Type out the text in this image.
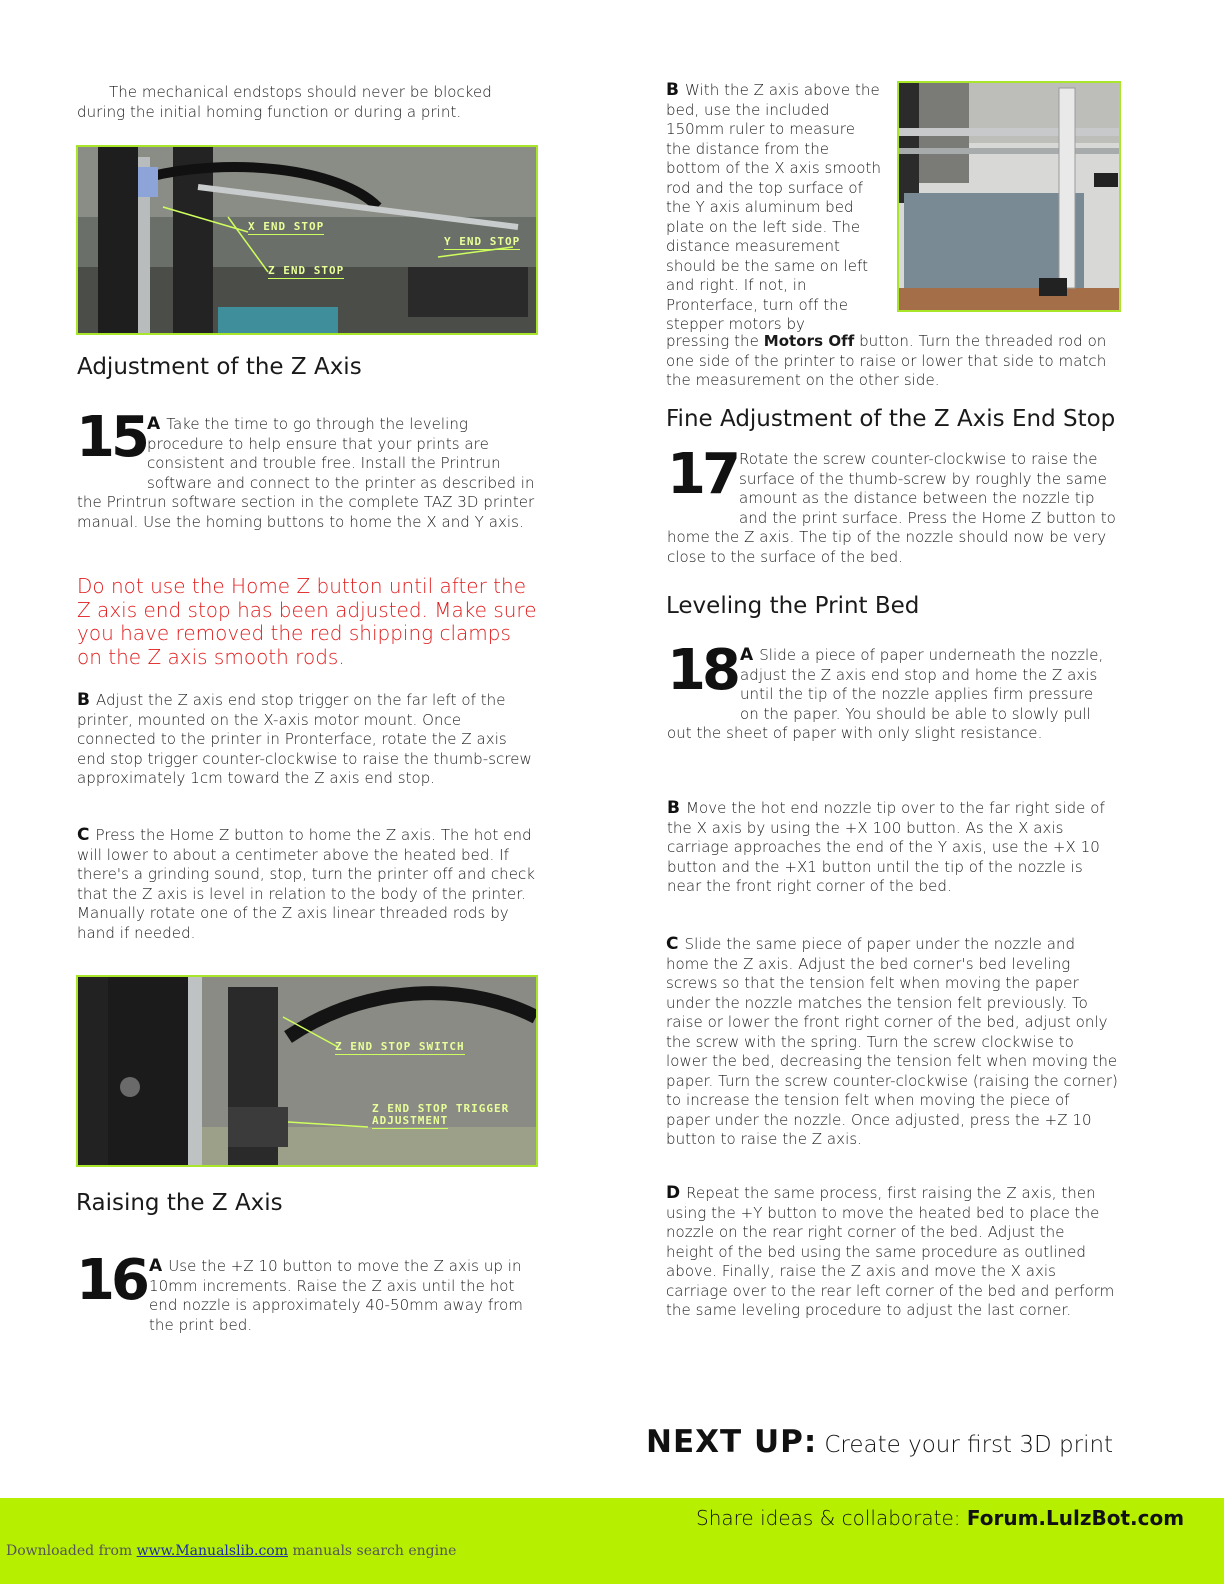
The mechanical endstops should never be blocked during the initial homing function or during a print.

X END STOP
Y END STOP
Z END STOP
Adjustment of the Z Axis
15 A Take the time to go through the leveling procedure to help ensure that your prints are consistent and trouble free. Install the Printrun software and connect to the printer as described in the Printrun software section in the complete TAZ 3D printer manual. Use the homing buttons to home the X and Y axis.

Do not use the Home Z button until after the Z axis end stop has been adjusted. Make sure you have removed the red shipping clamps on the Z axis smooth rods.

B Adjust the Z axis end stop trigger on the far left of the printer, mounted on the X-axis motor mount. Once connected to the printer in Pronterface, rotate the Z axis end stop trigger counter-clockwise to raise the thumb-screw approximately 1cm toward the Z axis end stop.

C Press the Home Z button to home the Z axis. The hot end will lower to about a centimeter above the heated bed. If there's a grinding sound, stop, turn the printer off and check that the Z axis is level in relation to the body of the printer. Manually rotate one of the Z axis linear threaded rods by hand if needed.

Z END STOP SWITCH
Z END STOP TRIGGER
ADJUSTMENT
Raising the Z Axis
16 A Use the +Z 10 button to move the Z axis up in 10mm increments. Raise the Z axis until the hot end nozzle is approximately 40-50mm away from the print bed.

B With the Z axis above the bed, use the included 150mm ruler to measure the distance from the bottom of the X axis smooth rod and the top surface of the Y axis aluminum bed plate on the left side. The distance measurement should be the same on left and right. If not, in Pronterface, turn off the stepper motors by

pressing the Motors Off button. Turn the threaded rod on one side of the printer to raise or lower that side to match the measurement on the other side.

Fine Adjustment of the Z Axis End Stop
17 Rotate the screw counter-clockwise to raise the surface of the thumb-screw by roughly the same amount as the distance between the nozzle tip and the print surface. Press the Home Z button to home the Z axis. The tip of the nozzle should now be very close to the surface of the bed.

Leveling the Print Bed
18 A Slide a piece of paper underneath the nozzle, adjust the Z axis end stop and home the Z axis until the tip of the nozzle applies firm pressure on the paper. You should be able to slowly pull out the sheet of paper with only slight resistance.

B Move the hot end nozzle tip over to the far right side of the X axis by using the +X 100 button. As the X axis carriage approaches the end of the Y axis, use the +X 10 button and the +X1 button until the tip of the nozzle is near the front right corner of the bed.

C Slide the same piece of paper under the nozzle and home the Z axis. Adjust the bed corner's bed leveling screws so that the tension felt when moving the paper under the nozzle matches the tension felt previously. To raise or lower the front right corner of the bed, adjust only the screw with the spring. Turn the screw clockwise to lower the bed, decreasing the tension felt when moving the paper. Turn the screw counter-clockwise (raising the corner) to increase the tension felt when moving the piece of paper under the nozzle. Once adjusted, press the +Z 10 button to raise the Z axis.

D Repeat the same process, first raising the Z axis, then using the +Y button to move the heated bed to place the nozzle on the rear right corner of the bed. Adjust the height of the bed using the same procedure as outlined above. Finally, raise the Z axis and move the X axis carriage over to the rear left corner of the bed and perform the same leveling procedure to adjust the last corner.

NEXT UP: Create your first 3D print
Share ideas & collaborate: Forum.LulzBot.com
Downloaded from www.Manualslib.com manuals search engine
